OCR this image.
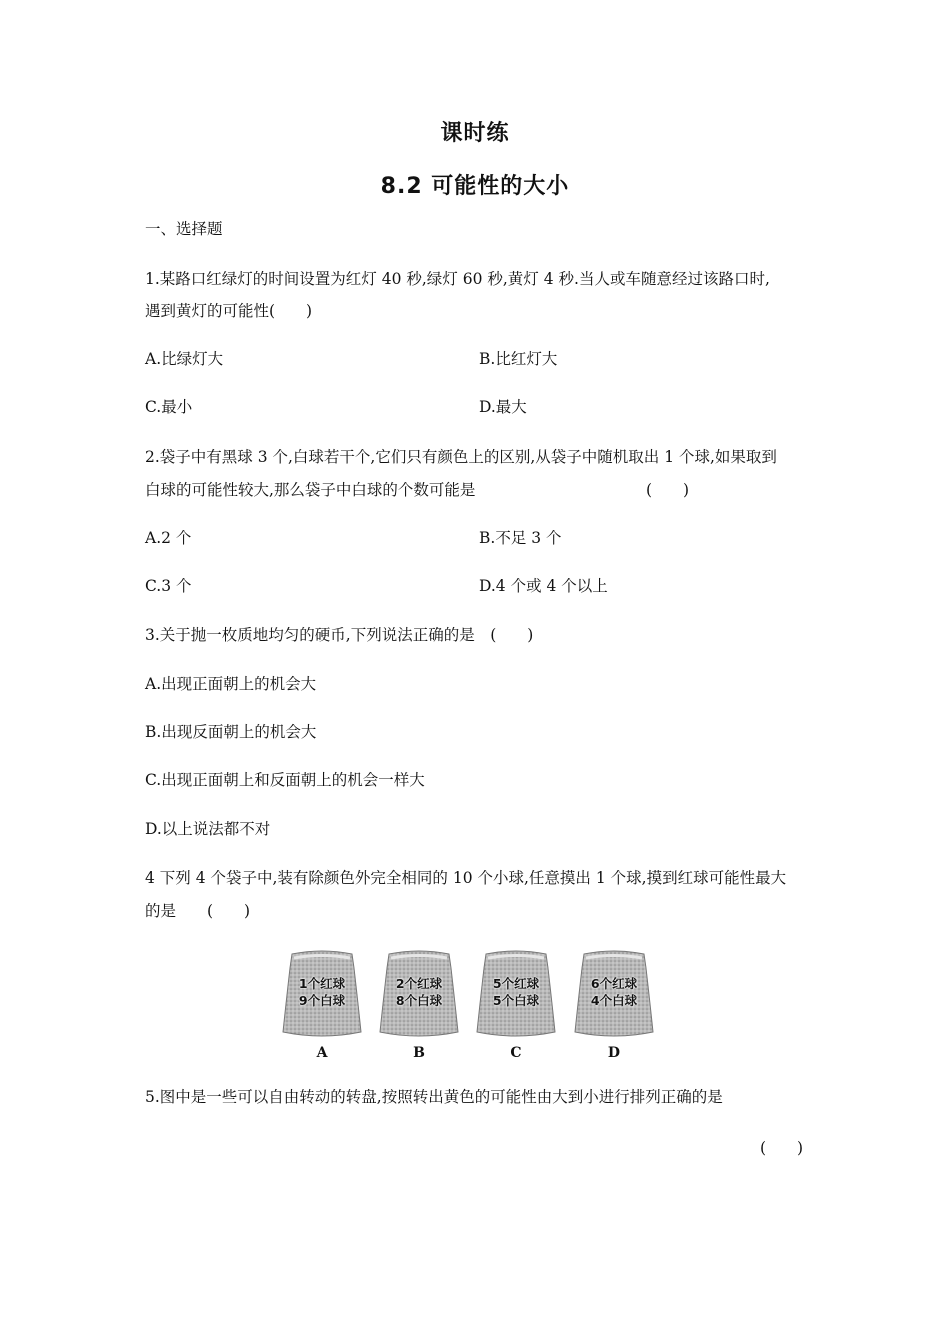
课时练
8.2 可能性的大小
一、选择题
1.某路口红绿灯的时间设置为红灯 40 秒,绿灯 60 秒,黄灯 4 秒.当人或车随意经过该路口时,
遇到黄灯的可能性(　　)
A.比绿灯大	B.比红灯大
C.最小	D.最大
2.袋子中有黑球 3 个,白球若干个,它们只有颜色上的区别,从袋子中随机取出 1 个球,如果取到
白球的可能性较大,那么袋子中白球的个数可能是	(　　)
A.2 个	B.不足 3 个
C.3 个	D.4 个或 4 个以上
3.关于抛一枚质地均匀的硬币,下列说法正确的是　(　　)
A.出现正面朝上的机会大
B.出现反面朝上的机会大
C.出现正面朝上和反面朝上的机会一样大
D.以上说法都不对
4 下列 4 个袋子中,装有除颜色外完全相同的 10 个小球,任意摸出 1 个球,摸到红球可能性最大
的是　　(　　)
1个红球
9个白球
A
2个红球
8个白球
B
5个红球
5个白球
C
6个红球
4个白球
D
5.图中是一些可以自由转动的转盘,按照转出黄色的可能性由大到小进行排列正确的是
(　　)
